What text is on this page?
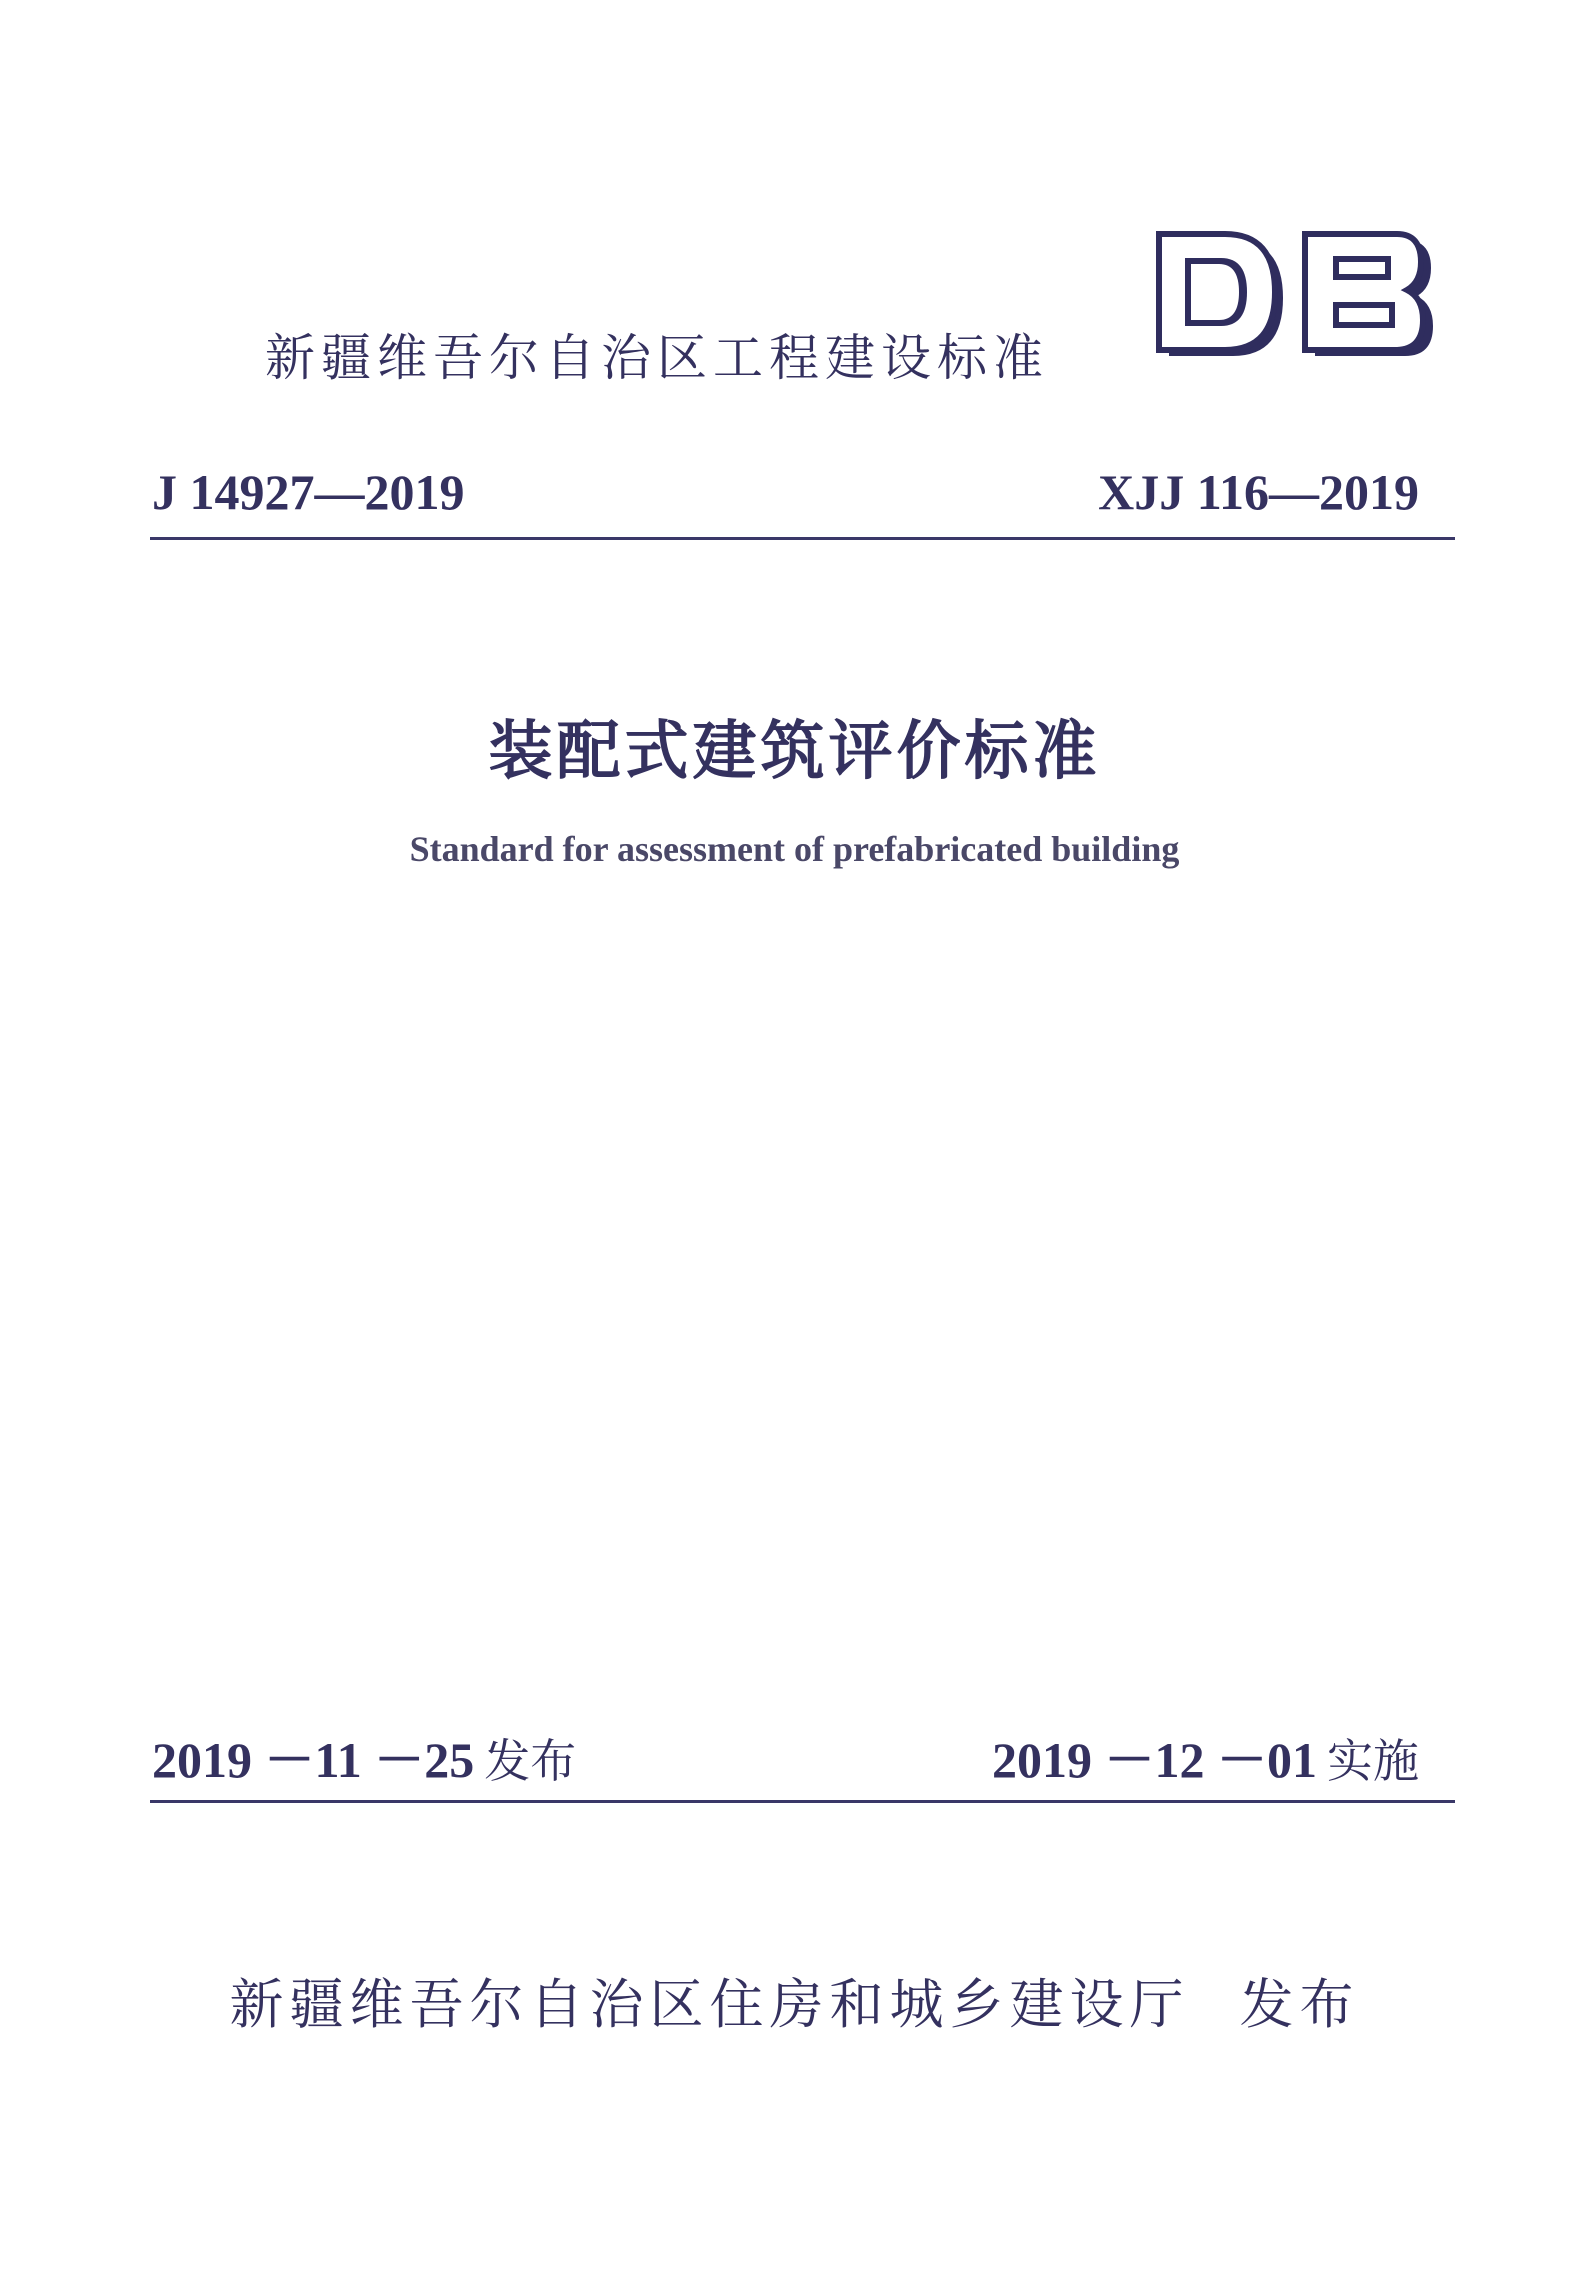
新疆维吾尔自治区工程建设标准
DB
J 14927—2019	XJJ 116—2019
装配式建筑评价标准
Standard for assessment of prefabricated building
2019 －11 －25 发布	2019 －12 －01 实施
新疆维吾尔自治区住房和城乡建设厅 发布
